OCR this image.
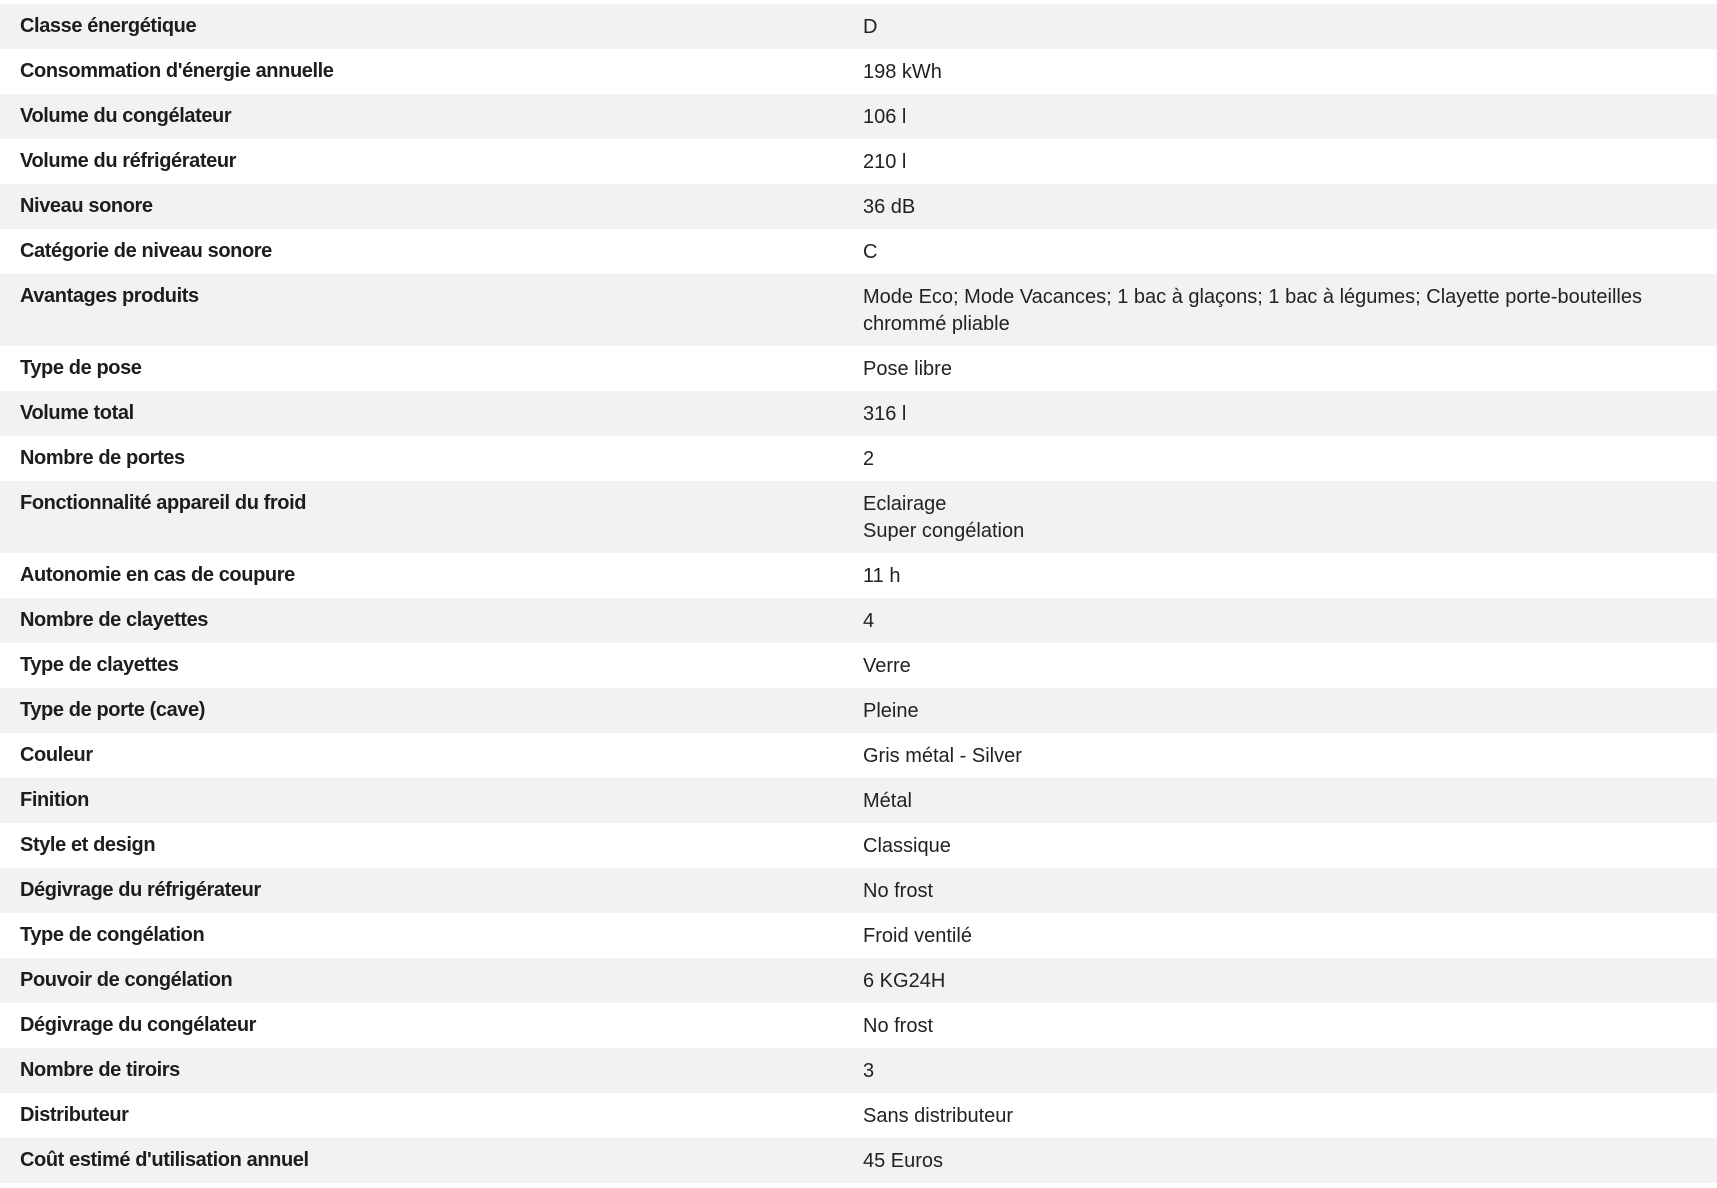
Classe énergétique	D
Consommation d'énergie annuelle	198 kWh
Volume du congélateur	106 l
Volume du réfrigérateur	210 l
Niveau sonore	36 dB
Catégorie de niveau sonore	C
Avantages produits	Mode Eco; Mode Vacances; 1 bac à glaçons; 1 bac à légumes; Clayette porte-bouteilles
chrommé pliable
Type de pose	Pose libre
Volume total	316 l
Nombre de portes	2
Fonctionnalité appareil du froid	Eclairage
Super congélation
Autonomie en cas de coupure	11 h
Nombre de clayettes	4
Type de clayettes	Verre
Type de porte (cave)	Pleine
Couleur	Gris métal - Silver
Finition	Métal
Style et design	Classique
Dégivrage du réfrigérateur	No frost
Type de congélation	Froid ventilé
Pouvoir de congélation	6 KG24H
Dégivrage du congélateur	No frost
Nombre de tiroirs	3
Distributeur	Sans distributeur
Coût estimé d'utilisation annuel	45 Euros
